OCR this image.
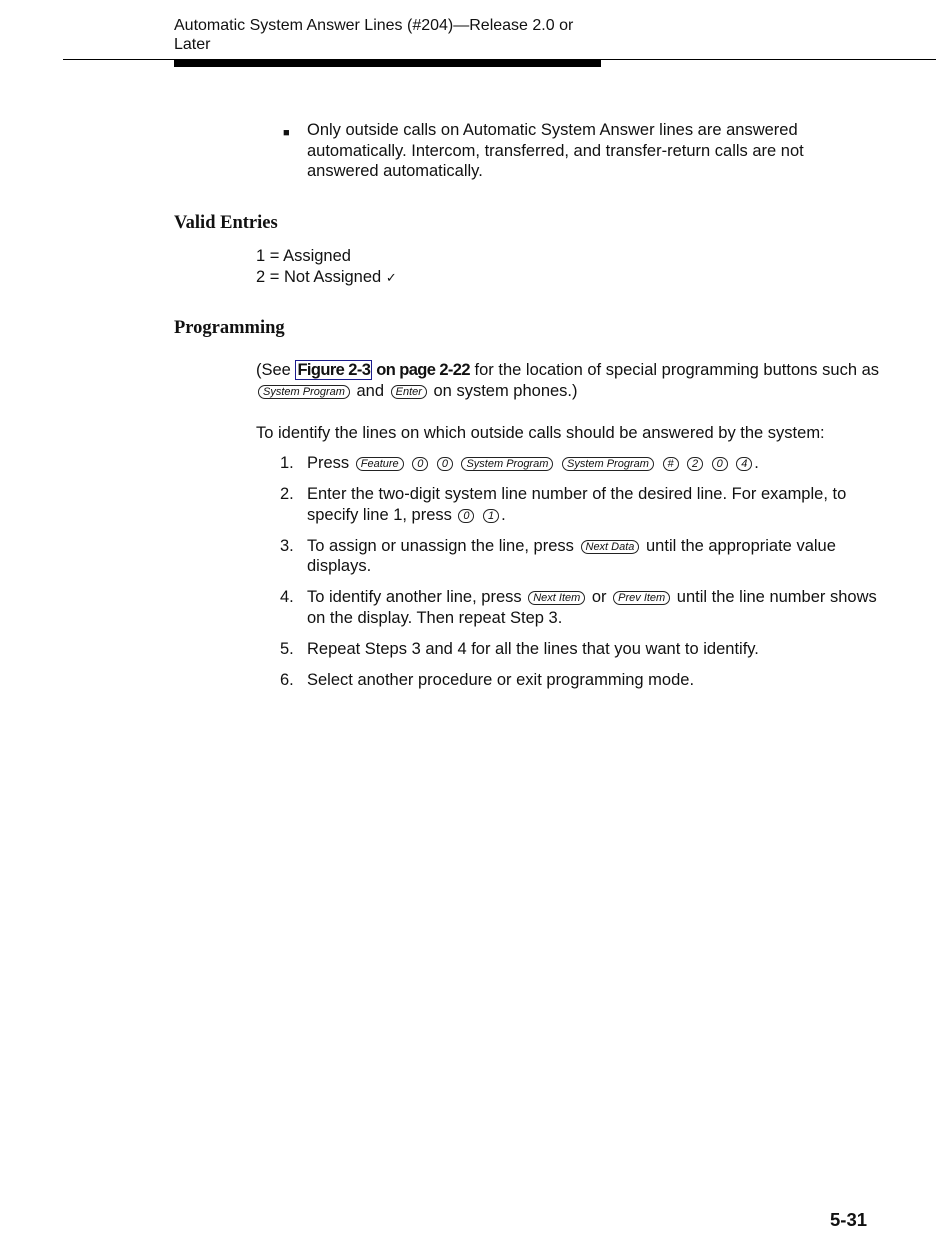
Automatic System Answer Lines (#204)—Release 2.0 or Later
■ Only outside calls on Automatic System Answer lines are answered automatically. Intercom, transferred, and transfer-return calls are not answered automatically.
Valid Entries
1 = Assigned
2 = Not Assigned ✓
Programming
(See Figure 2-3 on page 2-22 for the location of special programming buttons such as System Program and Enter on system phones.)
To identify the lines on which outside calls should be answered by the system:
1. Press Feature 0 0 System Program System Program # 2 0 4 .
2. Enter the two-digit system line number of the desired line. For example, to specify line 1, press 0 1 .
3. To assign or unassign the line, press Next Data until the appropriate value displays.
4. To identify another line, press Next Item or Prev Item until the line number shows on the display. Then repeat Step 3.
5. Repeat Steps 3 and 4 for all the lines that you want to identify.
6. Select another procedure or exit programming mode.
5-31
